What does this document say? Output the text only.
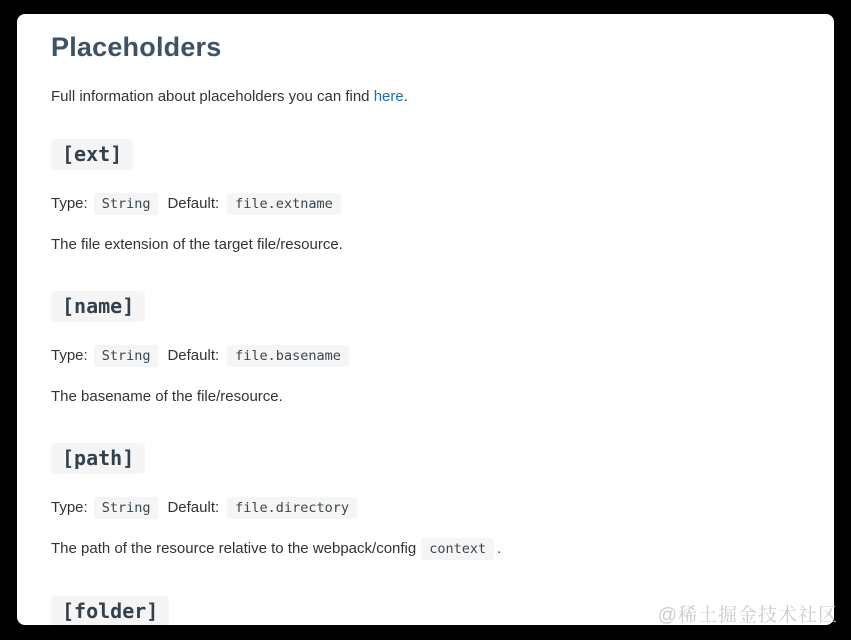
Placeholders

Full information about placeholders you can find here.

[ext]

Type: String Default: file.extname

The file extension of the target file/resource.

[name]

Type: String Default: file.basename

The basename of the file/resource.

[path]

Type: String Default: file.directory

The path of the resource relative to the webpack/config context .

[folder]	@稀土掘金技术社区
